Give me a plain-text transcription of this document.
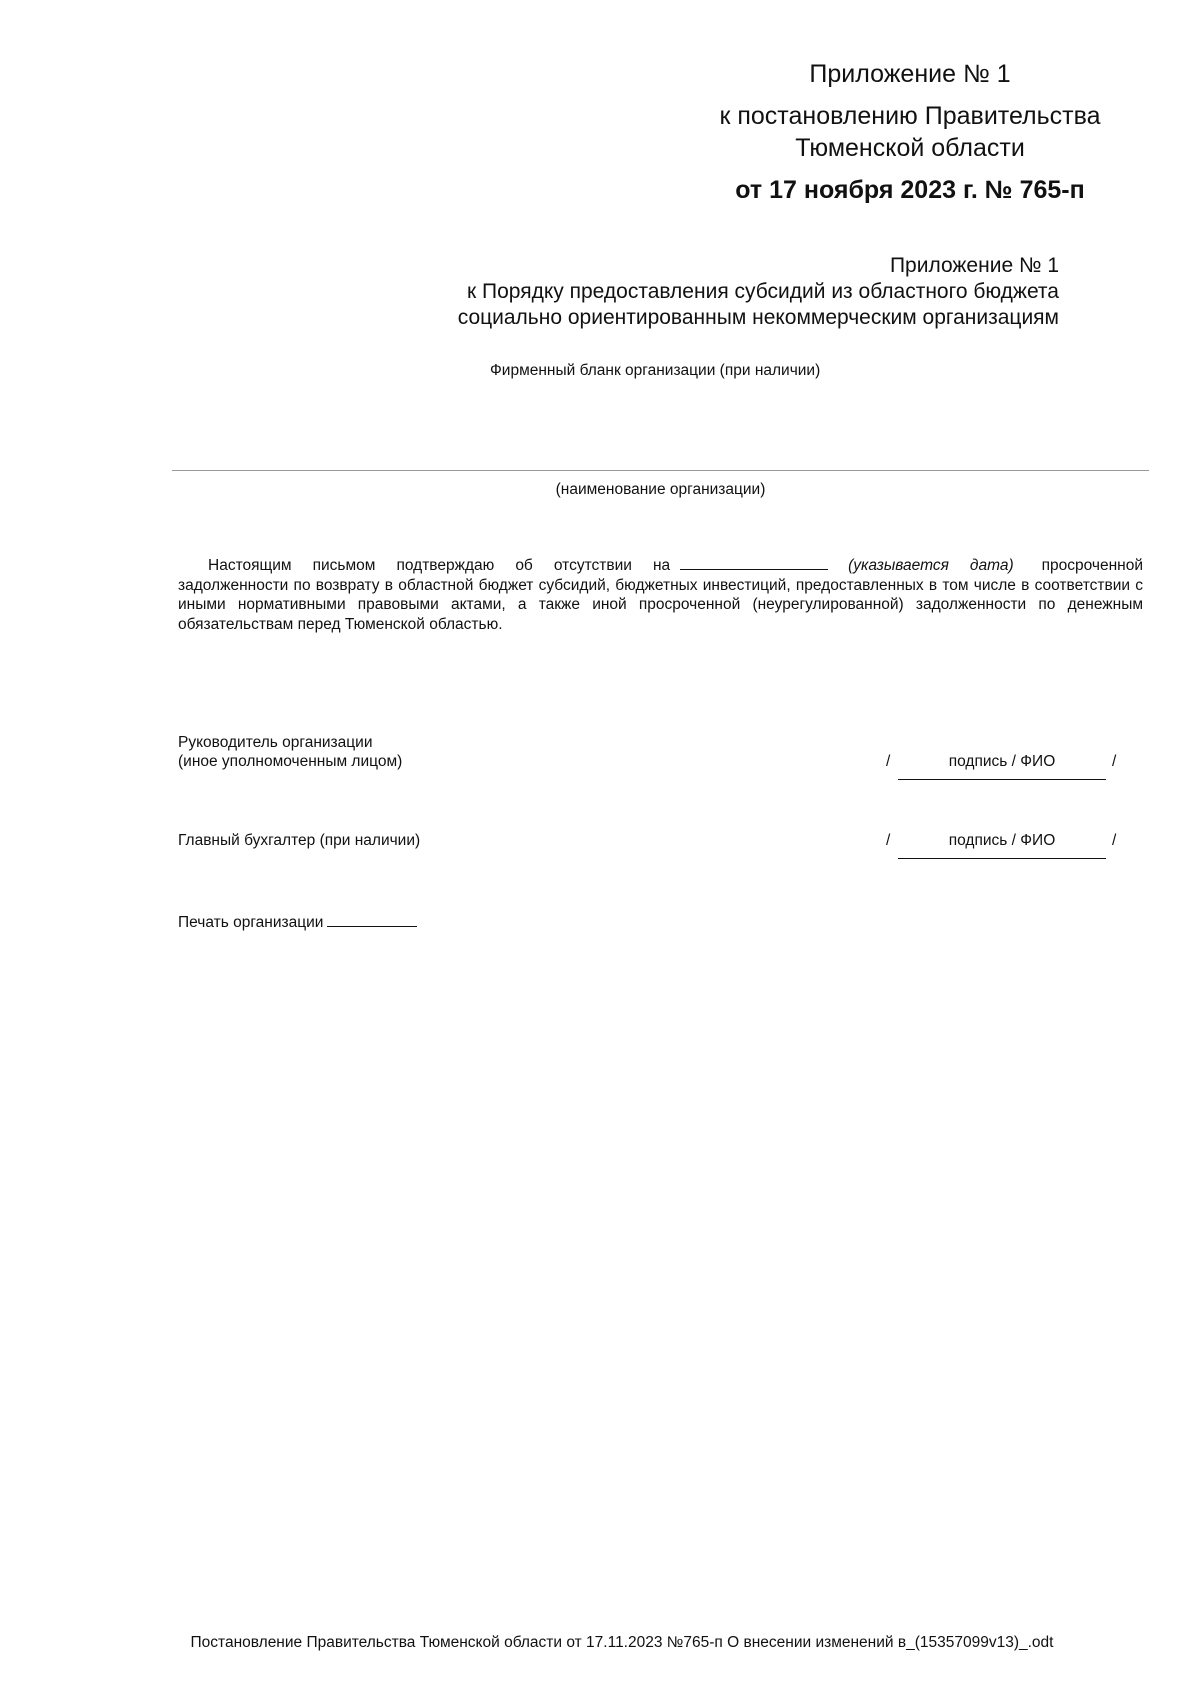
Приложение № 1
к постановлению Правительства
Тюменской области
от 17 ноября 2023 г. № 765-п
Приложение № 1
к Порядку предоставления субсидий из областного бюджета
социально ориентированным некоммерческим организациям
Фирменный бланк организации (при наличии)
(наименование организации)
Настоящим письмом подтверждаю об отсутствии на	(указывается дата) просроченной задолженности по возврату в областной бюджет субсидий, бюджетных инвестиций, предоставленных в том числе в соответствии с иными нормативными правовыми актами, а также иной просроченной (неурегулированной) задолженности по денежным обязательствам перед Тюменской областью.
Руководитель организации
(иное уполномоченным лицом)	/	подпись / ФИО	/
Главный бухгалтер (при наличии)	/	подпись / ФИО	/
Печать организации
Постановление Правительства Тюменской области от 17.11.2023 №765-п О внесении изменений в_(15357099v13)_.odt
